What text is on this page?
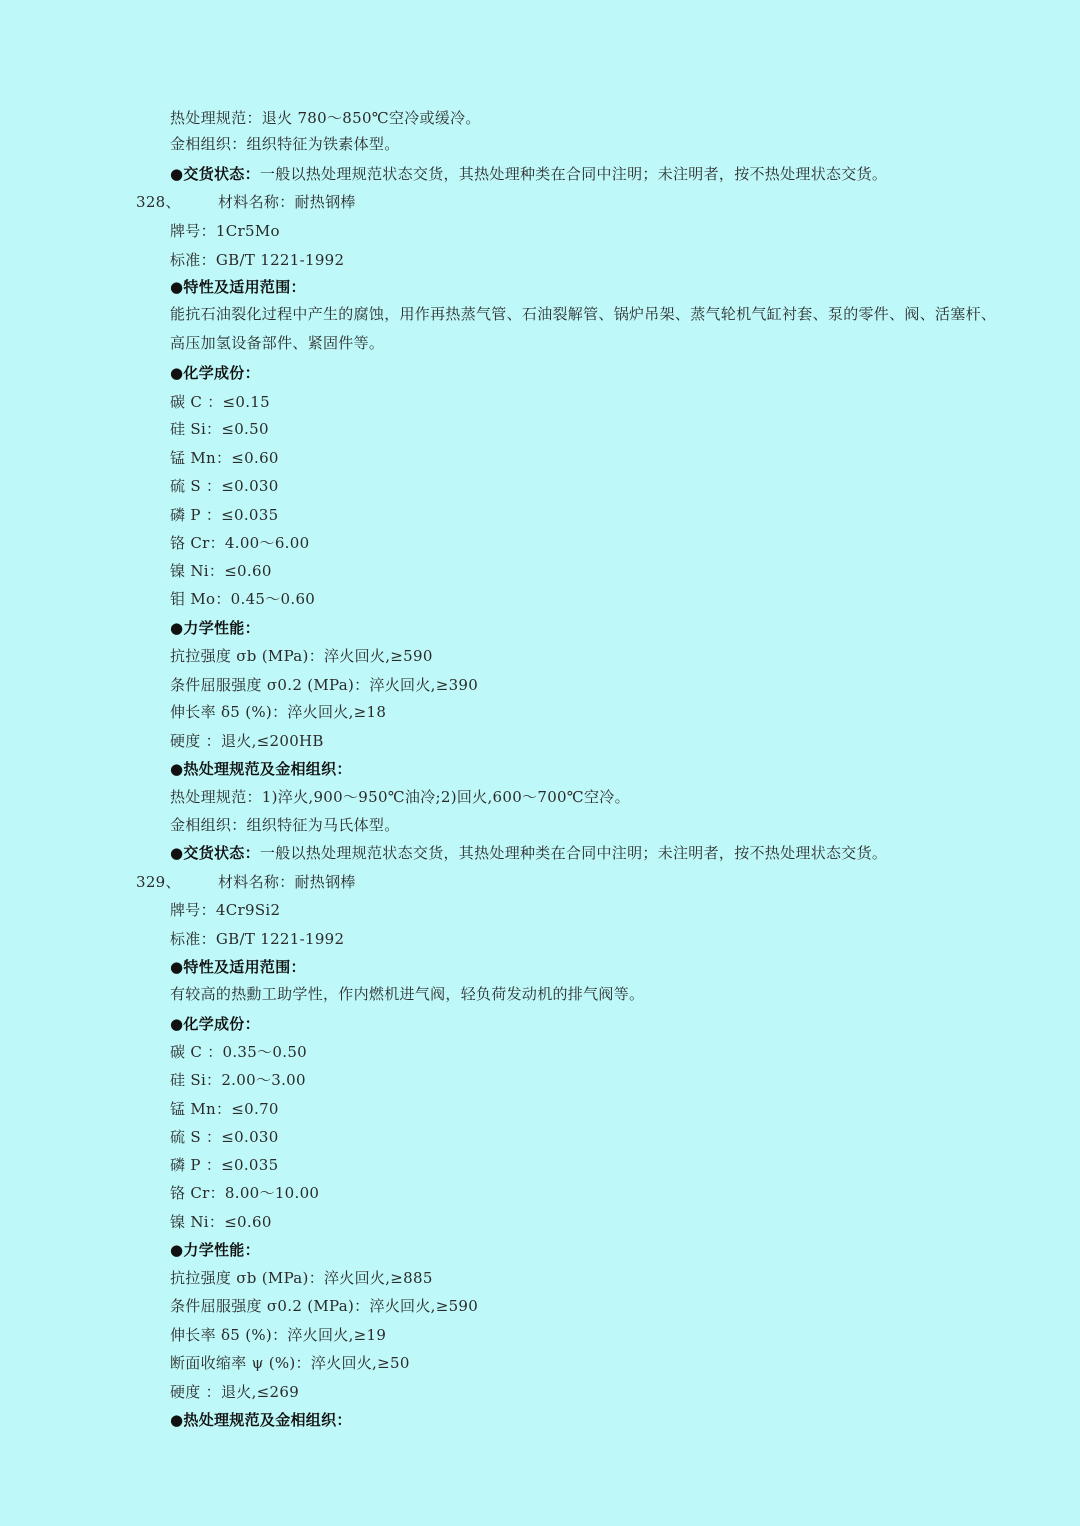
热处理规范：退火 780～850℃空冷或缓冷。
金相组织：组织特征为铁素体型。
●交货状态：一般以热处理规范状态交货，其热处理种类在合同中注明；未注明者，按不热处理状态交货。
328、 材料名称：耐热钢棒
牌号：1Cr5Mo
标准：GB/T 1221-1992
●特性及适用范围：
能抗石油裂化过程中产生的腐蚀，用作再热蒸气管、石油裂解管、锅炉吊架、蒸气轮机气缸衬套、泵的零件、阀、活塞杆、高压加氢设备部件、紧固件等。
●化学成份：
碳 C ：≤0.15
硅 Si：≤0.50
锰 Mn：≤0.60
硫 S ：≤0.030
磷 P ：≤0.035
铬 Cr：4.00～6.00
镍 Ni：≤0.60
钼 Mo：0.45～0.60
●力学性能：
抗拉强度 σb (MPa)：淬火回火,≥590
条件屈服强度 σ0.2 (MPa)：淬火回火,≥390
伸长率 δ5 (%)：淬火回火,≥18
硬度 ：退火,≤200HB
●热处理规范及金相组织：
热处理规范：1)淬火,900～950℃油冷;2)回火,600～700℃空冷。
金相组织：组织特征为马氏体型。
●交货状态：一般以热处理规范状态交货，其热处理种类在合同中注明；未注明者，按不热处理状态交货。
329、 材料名称：耐热钢棒
牌号：4Cr9Si2
标准：GB/T 1221-1992
●特性及适用范围：
有较高的热勳工助学性，作内燃机进气阀，轻负荷发动机的排气阀等。
●化学成份：
碳 C ：0.35～0.50
硅 Si：2.00～3.00
锰 Mn：≤0.70
硫 S ：≤0.030
磷 P ：≤0.035
铬 Cr：8.00～10.00
镍 Ni：≤0.60
●力学性能：
抗拉强度 σb (MPa)：淬火回火,≥885
条件屈服强度 σ0.2 (MPa)：淬火回火,≥590
伸长率 δ5 (%)：淬火回火,≥19
断面收缩率 ψ (%)：淬火回火,≥50
硬度 ：退火,≤269
●热处理规范及金相组织：
